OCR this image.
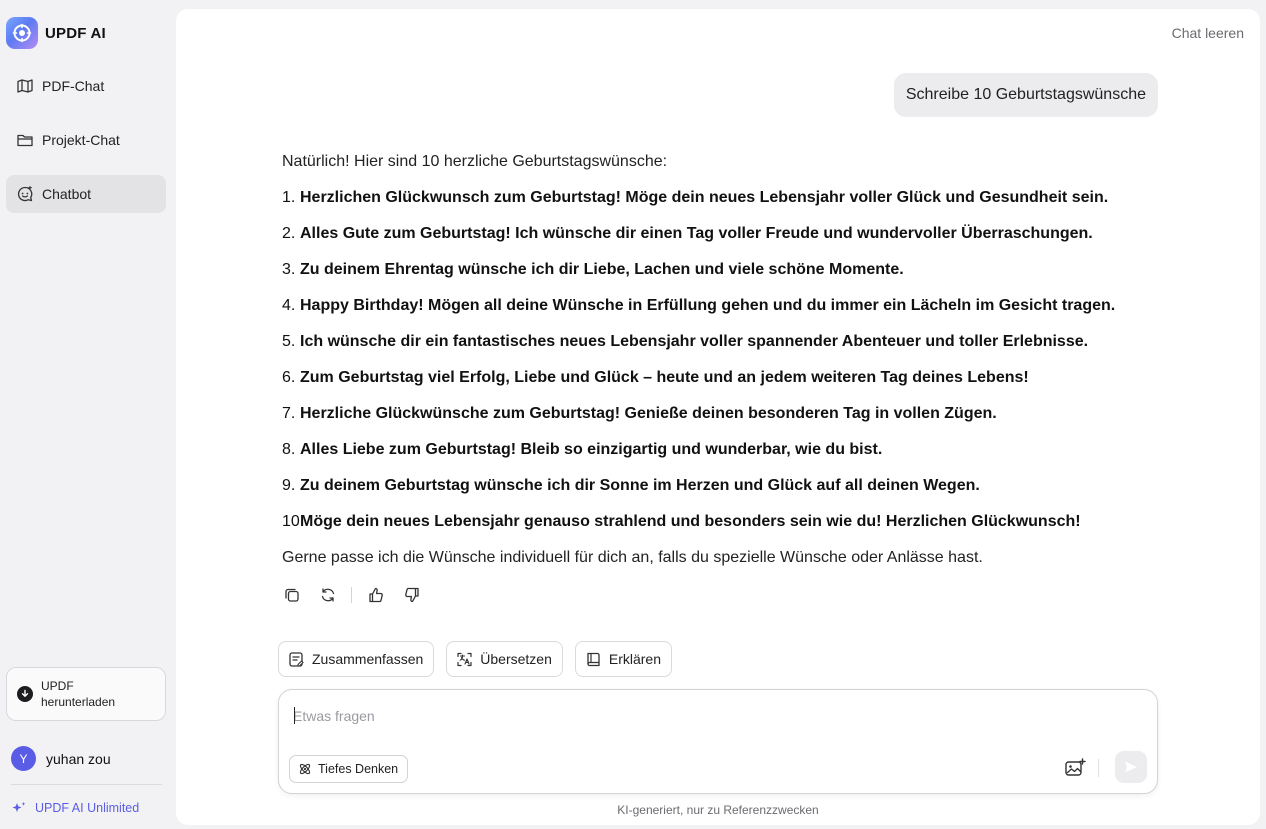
UPDF AI
PDF-Chat
Projekt-Chat
Chatbot
UPDF
herunterladen
Y	yuhan zou
UPDF AI Unlimited
Chat leeren
Schreibe 10 Geburtstagswünsche

Natürlich! Hier sind 10 herzliche Geburtstagswünsche:

1. Herzlichen Glückwunsch zum Geburtstag! Möge dein neues Lebensjahr voller Glück und Gesundheit sein.
2. Alles Gute zum Geburtstag! Ich wünsche dir einen Tag voller Freude und wundervoller Überraschungen.
3. Zu deinem Ehrentag wünsche ich dir Liebe, Lachen und viele schöne Momente.
4. Happy Birthday! Mögen all deine Wünsche in Erfüllung gehen und du immer ein Lächeln im Gesicht tragen.
5. Ich wünsche dir ein fantastisches neues Lebensjahr voller spannender Abenteuer und toller Erlebnisse.
6. Zum Geburtstag viel Erfolg, Liebe und Glück – heute und an jedem weiteren Tag deines Lebens!
7. Herzliche Glückwünsche zum Geburtstag! Genieße deinen besonderen Tag in vollen Zügen.
8. Alles Liebe zum Geburtstag! Bleib so einzigartig und wunderbar, wie du bist.
9. Zu deinem Geburtstag wünsche ich dir Sonne im Herzen und Glück auf all deinen Wegen.
10 Möge dein neues Lebensjahr genauso strahlend und besonders sein wie du! Herzlichen Glückwunsch!

Gerne passe ich die Wünsche individuell für dich an, falls du spezielle Wünsche oder Anlässe hast.

Zusammenfassen	Übersetzen	Erklären
Etwas fragen
Tiefes Denken
KI-generiert, nur zu Referenzzwecken
